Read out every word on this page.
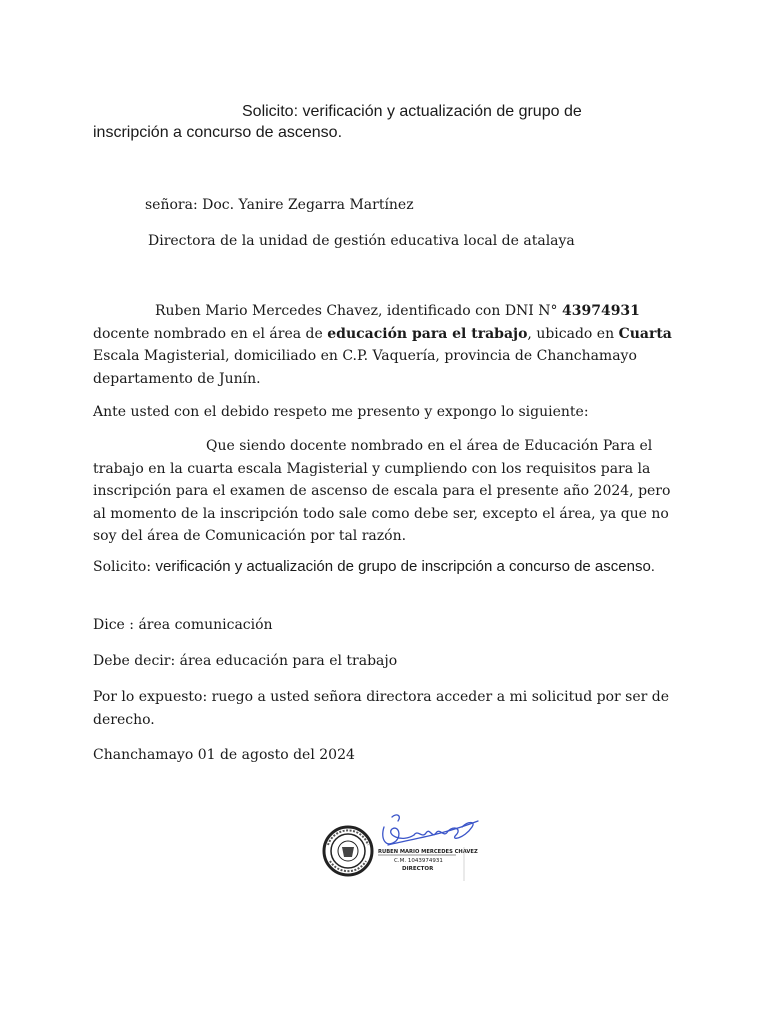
Solicito: verificación y actualización de grupo de inscripción a concurso de ascenso.

señora: Doc. Yanire Zegarra Martínez

Directora de la unidad de gestión educativa local de atalaya

Ruben Mario Mercedes Chavez, identificado con DNI N° 43974931 docente nombrado en el área de educación para el trabajo, ubicado en Cuarta Escala Magisterial, domiciliado en C.P. Vaquería, provincia de Chanchamayo departamento de Junín.

Ante usted con el debido respeto me presento y expongo lo siguiente:

Que siendo docente nombrado en el área de Educación Para el trabajo en la cuarta escala Magisterial y cumpliendo con los requisitos para la inscripción para el examen de ascenso de escala para el presente año 2024, pero al momento de la inscripción todo sale como debe ser, excepto el área, ya que no soy del área de Comunicación por tal razón.

Solicito: verificación y actualización de grupo de inscripción a concurso de ascenso.

Dice : área comunicación

Debe decir: área educación para el trabajo

Por lo expuesto: ruego a usted señora directora acceder a mi solicitud por ser de derecho.

Chanchamayo 01 de agosto del 2024

RUBEN MARIO MERCEDES CHAVEZ
C.M. 1043974931
DIRECTOR
